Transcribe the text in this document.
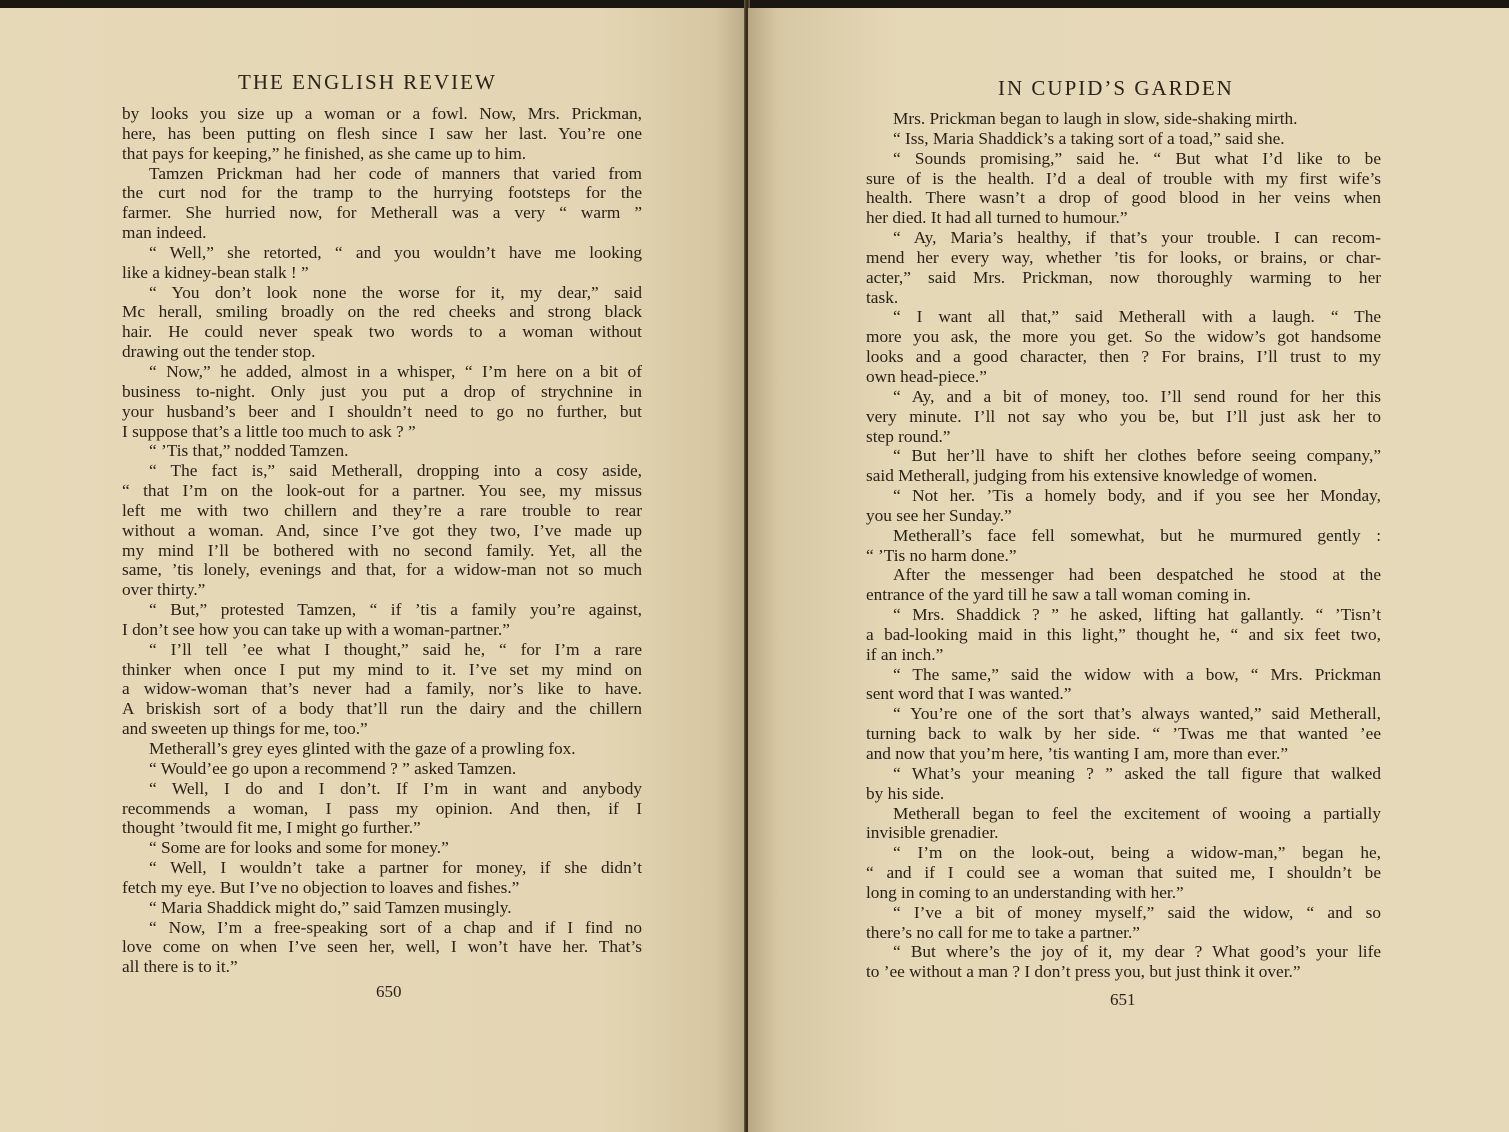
THE ENGLISH REVIEW
by looks you size up a woman or a fowl. Now, Mrs. Prickman,
here, has been putting on flesh since I saw her last. You’re one
that pays for keeping,” he finished, as she came up to him.
Tamzen Prickman had her code of manners that varied from
the curt nod for the tramp to the hurrying footsteps for the
farmer. She hurried now, for Metherall was a very “ warm ”
man indeed.
“ Well,” she retorted, “ and you wouldn’t have me looking
like a kidney-bean stalk ! ”
“ You don’t look none the worse for it, my dear,” said
Mc herall, smiling broadly on the red cheeks and strong black
hair. He could never speak two words to a woman without
drawing out the tender stop.
“ Now,” he added, almost in a whisper, “ I’m here on a bit of
business to-night. Only just you put a drop of strychnine in
your husband’s beer and I shouldn’t need to go no further, but
I suppose that’s a little too much to ask ? ”
“ ’Tis that,” nodded Tamzen.
“ The fact is,” said Metherall, dropping into a cosy aside,
“ that I’m on the look-out for a partner. You see, my missus
left me with two chillern and they’re a rare trouble to rear
without a woman. And, since I’ve got they two, I’ve made up
my mind I’ll be bothered with no second family. Yet, all the
same, ’tis lonely, evenings and that, for a widow-man not so much
over thirty.”
“ But,” protested Tamzen, “ if ’tis a family you’re against,
I don’t see how you can take up with a woman-partner.”
“ I’ll tell ’ee what I thought,” said he, “ for I’m a rare
thinker when once I put my mind to it. I’ve set my mind on
a widow-woman that’s never had a family, nor’s like to have.
A briskish sort of a body that’ll run the dairy and the chillern
and sweeten up things for me, too.”
Metherall’s grey eyes glinted with the gaze of a prowling fox.
“ Would’ee go upon a recommend ? ” asked Tamzen.
“ Well, I do and I don’t. If I’m in want and anybody
recommends a woman, I pass my opinion. And then, if I
thought ’twould fit me, I might go further.”
“ Some are for looks and some for money.”
“ Well, I wouldn’t take a partner for money, if she didn’t
fetch my eye. But I’ve no objection to loaves and fishes.”
“ Maria Shaddick might do,” said Tamzen musingly.
“ Now, I’m a free-speaking sort of a chap and if I find no
love come on when I’ve seen her, well, I won’t have her. That’s
all there is to it.”
650
IN CUPID’S GARDEN
Mrs. Prickman began to laugh in slow, side-shaking mirth.
“ Iss, Maria Shaddick’s a taking sort of a toad,” said she.
“ Sounds promising,” said he. “ But what I’d like to be
sure of is the health. I’d a deal of trouble with my first wife’s
health. There wasn’t a drop of good blood in her veins when
her died. It had all turned to humour.”
“ Ay, Maria’s healthy, if that’s your trouble. I can recom-
mend her every way, whether ’tis for looks, or brains, or char-
acter,” said Mrs. Prickman, now thoroughly warming to her
task.
“ I want all that,” said Metherall with a laugh. “ The
more you ask, the more you get. So the widow’s got handsome
looks and a good character, then ? For brains, I’ll trust to my
own head-piece.”
“ Ay, and a bit of money, too. I’ll send round for her this
very minute. I’ll not say who you be, but I’ll just ask her to
step round.”
“ But her’ll have to shift her clothes before seeing company,”
said Metherall, judging from his extensive knowledge of women.
“ Not her. ’Tis a homely body, and if you see her Monday,
you see her Sunday.”
Metherall’s face fell somewhat, but he murmured gently :
“ ’Tis no harm done.”
After the messenger had been despatched he stood at the
entrance of the yard till he saw a tall woman coming in.
“ Mrs. Shaddick ? ” he asked, lifting hat gallantly. “ ’Tisn’t
a bad-looking maid in this light,” thought he, “ and six feet two,
if an inch.”
“ The same,” said the widow with a bow, “ Mrs. Prickman
sent word that I was wanted.”
“ You’re one of the sort that’s always wanted,” said Metherall,
turning back to walk by her side. “ ’Twas me that wanted ’ee
and now that you’m here, ’tis wanting I am, more than ever.”
“ What’s your meaning ? ” asked the tall figure that walked
by his side.
Metherall began to feel the excitement of wooing a partially
invisible grenadier.
“ I’m on the look-out, being a widow-man,” began he,
“ and if I could see a woman that suited me, I shouldn’t be
long in coming to an understanding with her.”
“ I’ve a bit of money myself,” said the widow, “ and so
there’s no call for me to take a partner.”
“ But where’s the joy of it, my dear ? What good’s your life
to ’ee without a man ? I don’t press you, but just think it over.”
651
